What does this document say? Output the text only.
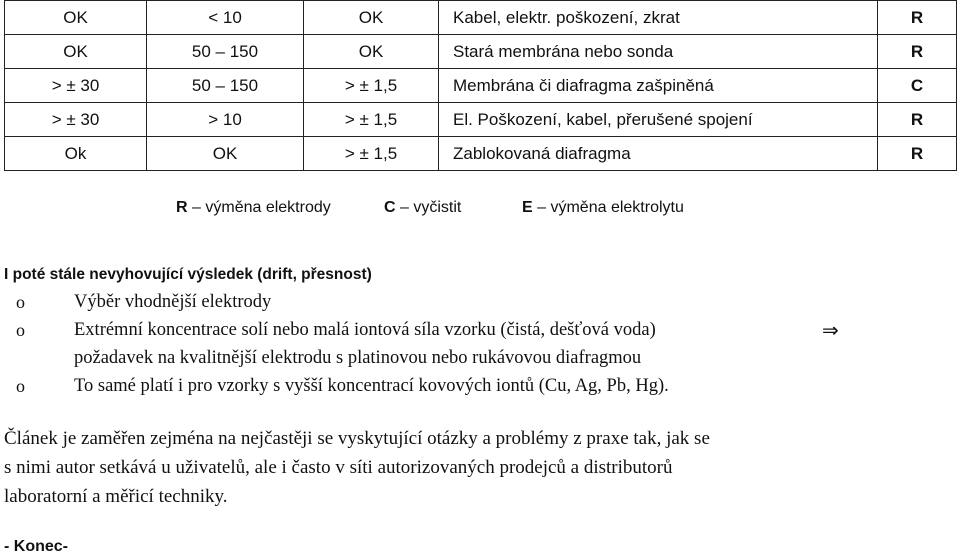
OK	< 10	OK	Kabel, elektr. poškození, zkrat	R
OK	50 – 150	OK	Stará membrána nebo sonda	R
> ± 30	50 – 150	> ± 1,5	Membrána či diafragma zašpiněná	C
> ± 30	> 10	> ± 1,5	El. Poškození, kabel, přerušené spojení	R
Ok	OK	> ± 1,5	Zablokovaná diafragma	R
R – výměna elektrody	C – vyčistit	E – výměna elektrolytu
I poté stále nevyhovující výsledek (drift, přesnost)
o	Výběr vhodnější elektrody
o	Extrémní koncentrace solí nebo malá iontová síla vzorku (čistá, dešťová voda)	⇒
požadavek na kvalitnější elektrodu s platinovou nebo rukávovou diafragmou
o	To samé platí i pro vzorky s vyšší koncentrací kovových iontů (Cu, Ag, Pb, Hg).
Článek je zaměřen zejména na nejčastěji se vyskytující otázky a problémy z praxe tak, jak se
s nimi autor setkává u uživatelů, ale i často v síti autorizovaných prodejců a distributorů
laboratorní a měřicí techniky.
- Konec-
